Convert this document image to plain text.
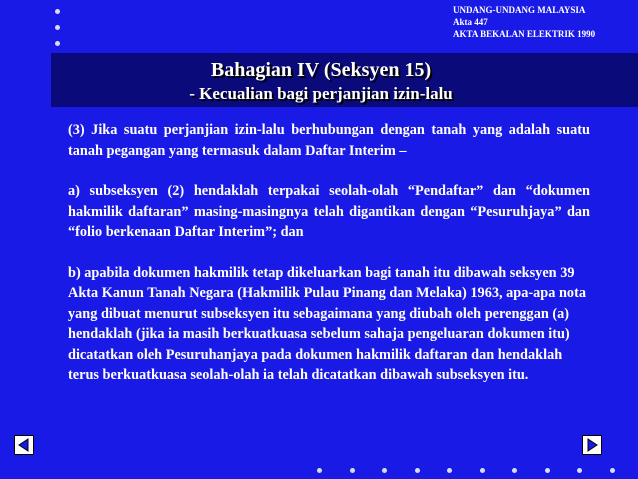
UNDANG-UNDANG MALAYSIA
Akta 447
AKTA BEKALAN ELEKTRIK 1990
Bahagian IV (Seksyen 15)
- Kecualian bagi perjanjian izin-lalu

(3) Jika suatu perjanjian izin-lalu berhubungan dengan tanah yang adalah suatu tanah pegangan yang termasuk dalam Daftar Interim –

a) subseksyen (2) hendaklah terpakai seolah-olah “Pendaftar” dan “dokumen hakmilik daftaran” masing-masingnya telah digantikan dengan “Pesuruhjaya” dan “folio berkenaan Daftar Interim”; dan

b) apabila dokumen hakmilik tetap dikeluarkan bagi tanah itu dibawah seksyen 39 Akta Kanun Tanah Negara (Hakmilik Pulau Pinang dan Melaka) 1963, apa-apa nota yang dibuat menurut subseksyen itu sebagaimana yang diubah oleh perenggan (a) hendaklah (jika ia masih berkuatkuasa sebelum sahaja pengeluaran dokumen itu) dicatatkan oleh Pesuruhanjaya pada dokumen hakmilik daftaran dan hendaklah terus berkuatkuasa seolah-olah ia telah dicatatkan dibawah subseksyen itu.
